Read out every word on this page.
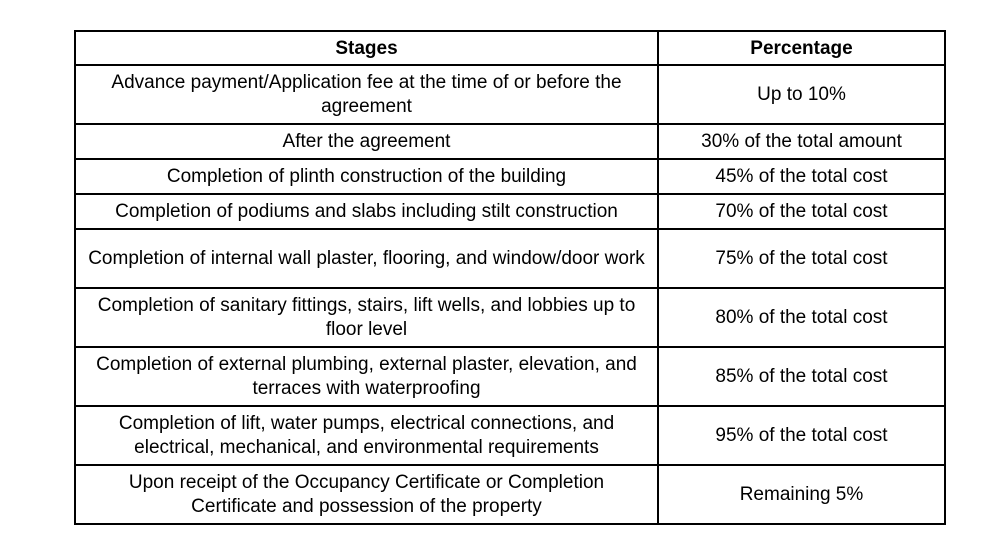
Stages	Percentage
Advance payment/Application fee at the time of or before the agreement	Up to 10%
After the agreement	30% of the total amount
Completion of plinth construction of the building	45% of the total cost
Completion of podiums and slabs including stilt construction	70% of the total cost
Completion of internal wall plaster, flooring, and window/door work	75% of the total cost
Completion of sanitary fittings, stairs, lift wells, and lobbies up to floor level	80% of the total cost
Completion of external plumbing, external plaster, elevation, and terraces with waterproofing	85% of the total cost
Completion of lift, water pumps, electrical connections, and electrical, mechanical, and environmental requirements	95% of the total cost
Upon receipt of the Occupancy Certificate or Completion Certificate and possession of the property	Remaining 5%
